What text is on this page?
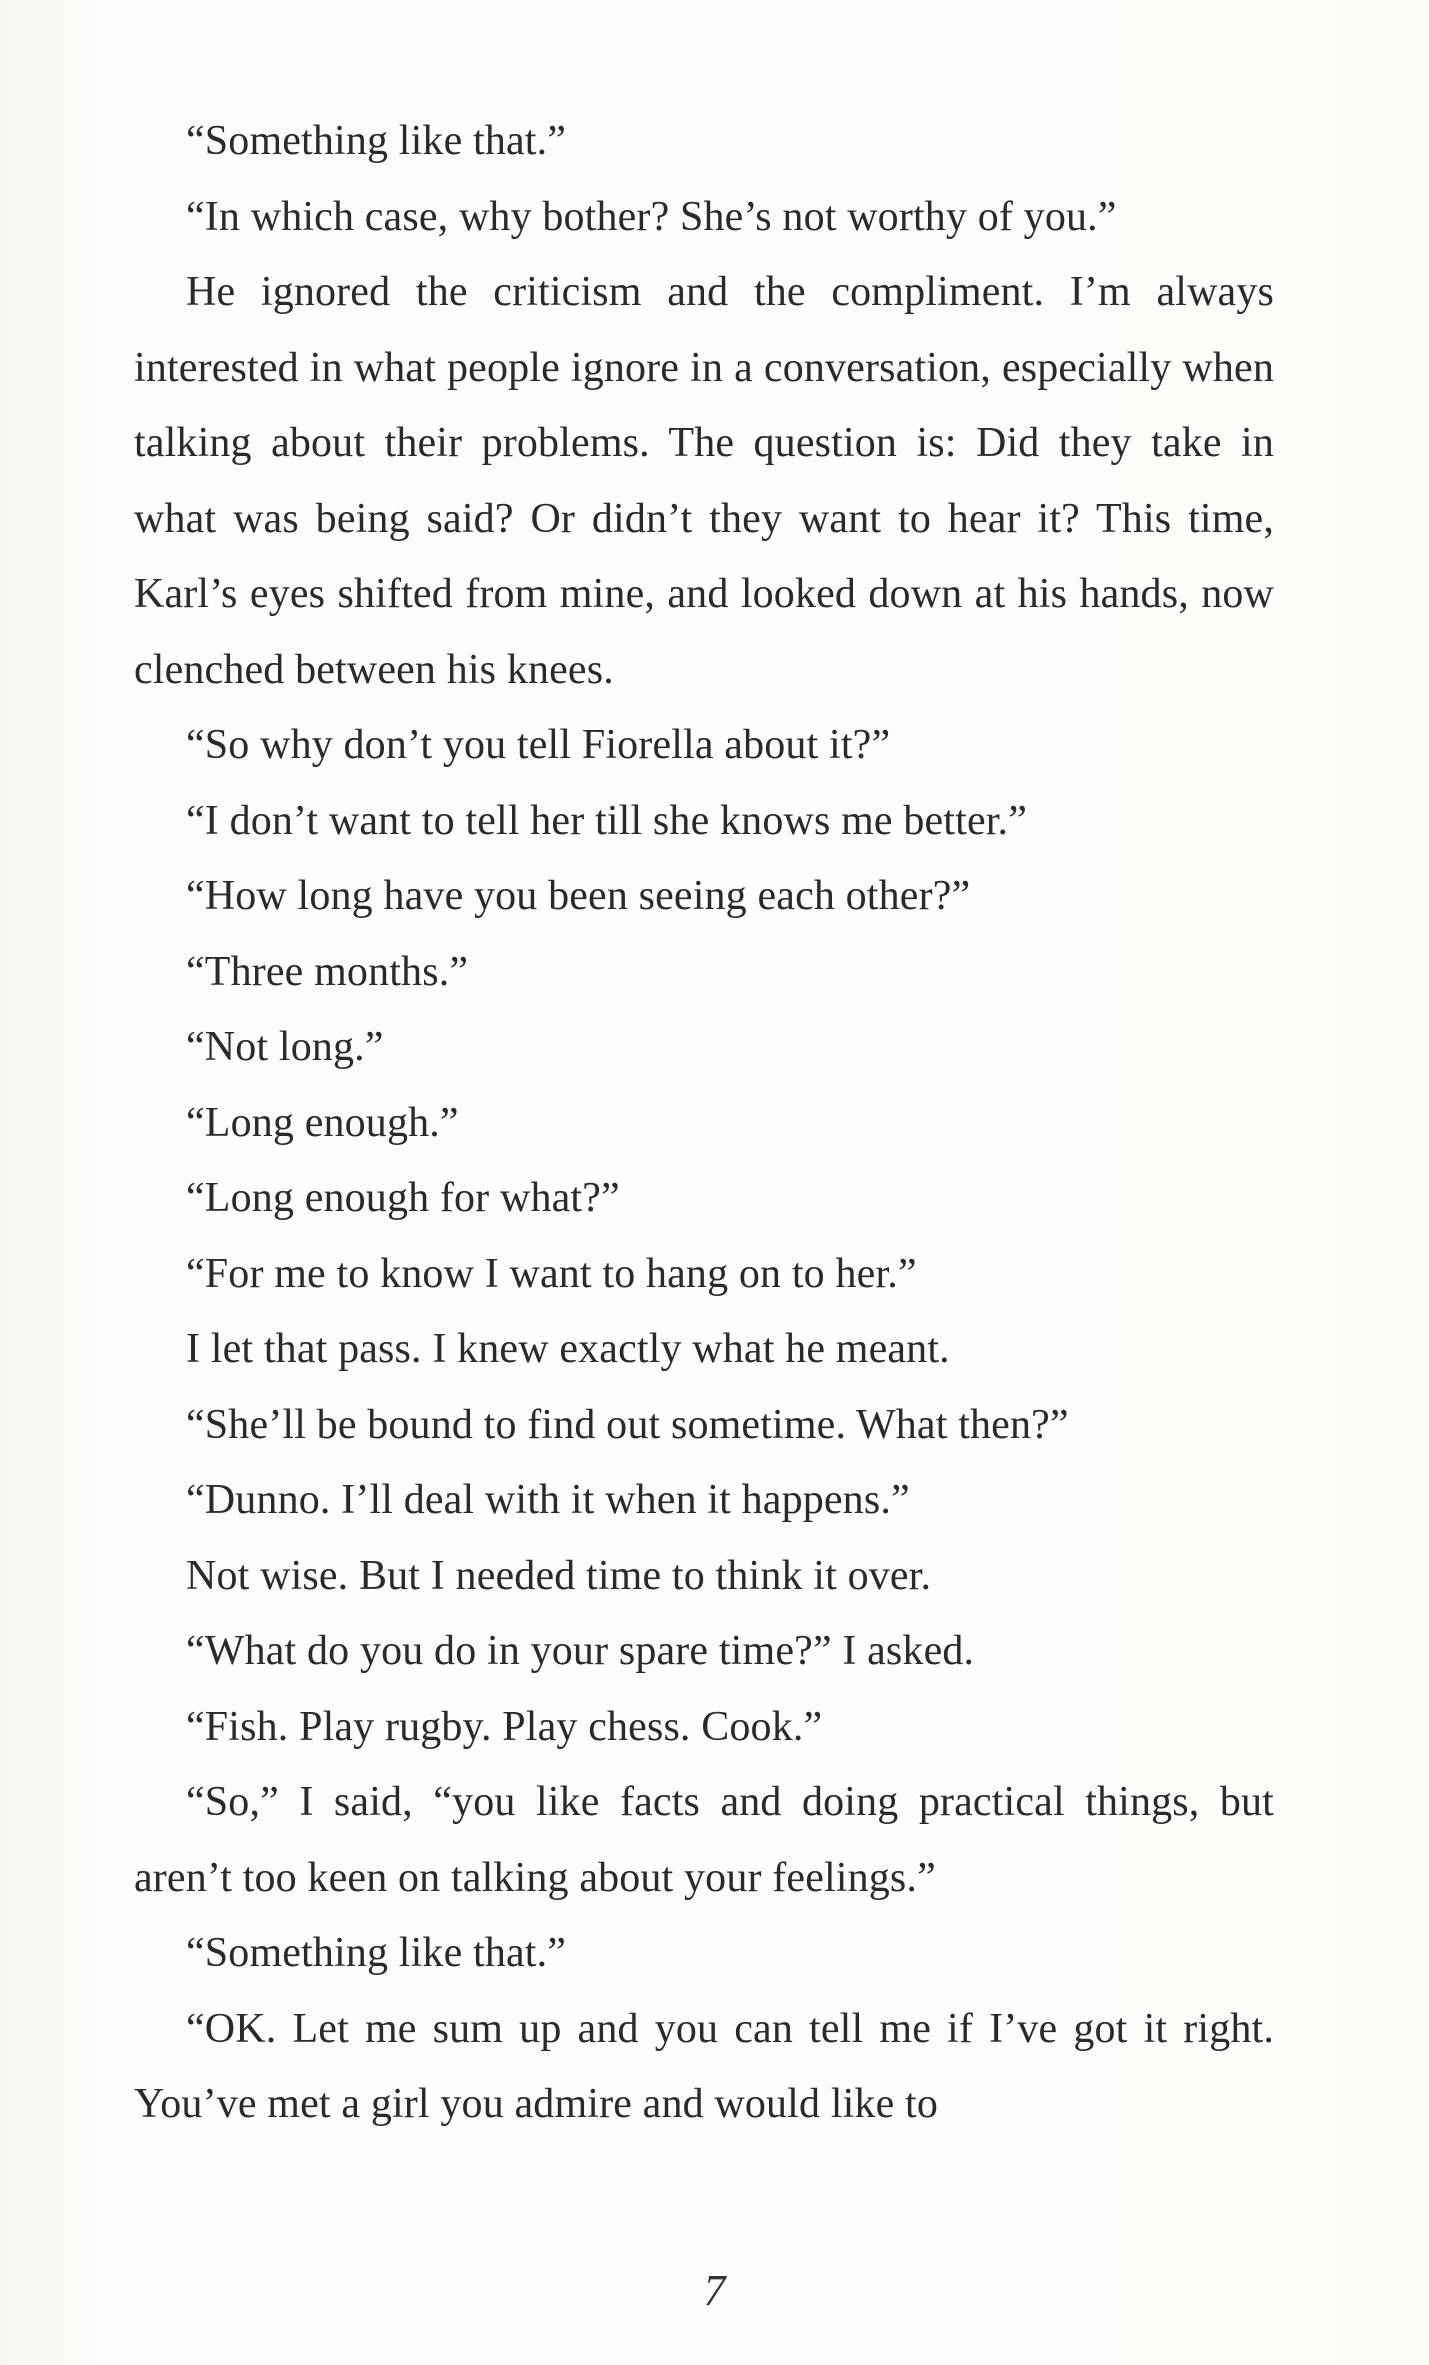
“Something like that.”

“In which case, why bother? She’s not worthy of you.”

He ignored the criticism and the compliment. I’m always interested in what people ignore in a conversation, especially when talking about their problems. The question is: Did they take in what was being said? Or didn’t they want to hear it? This time, Karl’s eyes shifted from mine, and looked down at his hands, now clenched between his knees.

“So why don’t you tell Fiorella about it?”

“I don’t want to tell her till she knows me better.”

“How long have you been seeing each other?”

“Three months.”

“Not long.”

“Long enough.”

“Long enough for what?”

“For me to know I want to hang on to her.”

I let that pass. I knew exactly what he meant.

“She’ll be bound to find out sometime. What then?”

“Dunno. I’ll deal with it when it happens.”

Not wise. But I needed time to think it over.

“What do you do in your spare time?” I asked.

“Fish. Play rugby. Play chess. Cook.”

“So,” I said, “you like facts and doing practical things, but aren’t too keen on talking about your feelings.”

“Something like that.”

“OK. Let me sum up and you can tell me if I’ve got it right. You’ve met a girl you admire and would like to

7
